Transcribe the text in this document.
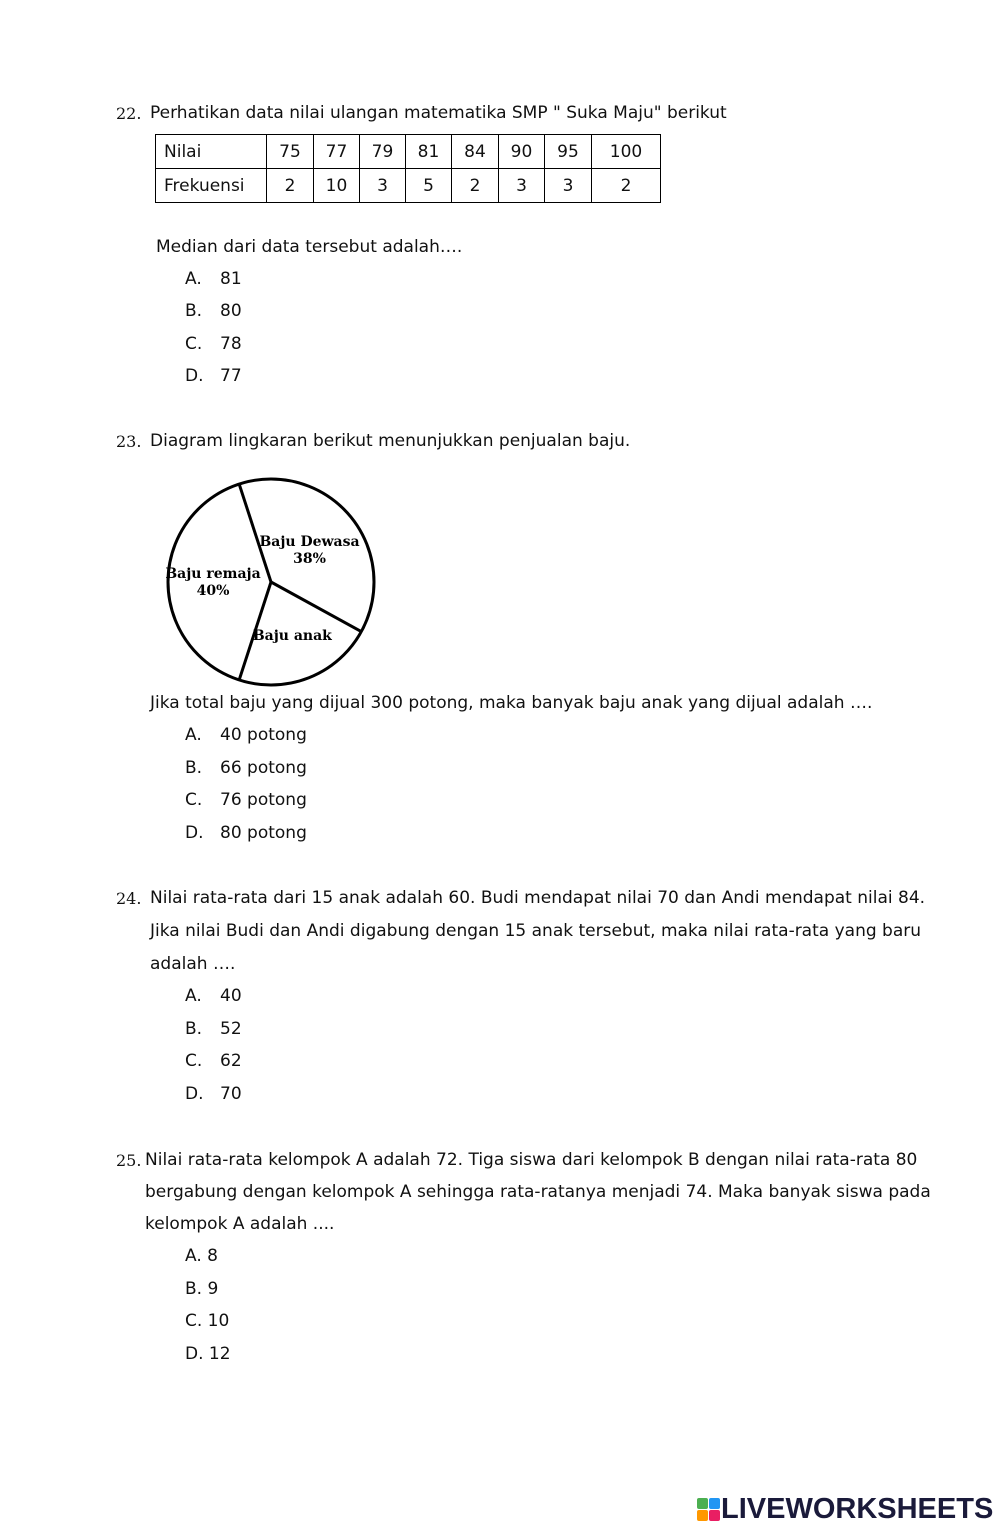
22. Perhatikan data nilai ulangan matematika SMP " Suka Maju" berikut
Nilai	75	77	79	81	84	90	95	100
Frekuensi	2	10	3	5	2	3	3	2
Median dari data tersebut adalah….
A. 81
B. 80
C. 78
D. 77
23. Diagram lingkaran berikut menunjukkan penjualan baju.
Baju remaja 40%
Baju Dewasa 38%
Baju anak
Jika total baju yang dijual 300 potong, maka banyak baju anak yang dijual adalah ….
A. 40 potong
B. 66 potong
C. 76 potong
D. 80 potong
24. Nilai rata-rata dari 15 anak adalah 60. Budi mendapat nilai 70 dan Andi mendapat nilai 84.
Jika nilai Budi dan Andi digabung dengan 15 anak tersebut, maka nilai rata-rata yang baru
adalah ….
A. 40
B. 52
C. 62
D. 70
25. Nilai rata-rata kelompok A adalah 72. Tiga siswa dari kelompok B dengan nilai rata-rata 80
bergabung dengan kelompok A sehingga rata-ratanya menjadi 74. Maka banyak siswa pada
kelompok A adalah ....
A. 8
B. 9
C. 10
D. 12
LIVEWORKSHEETS
